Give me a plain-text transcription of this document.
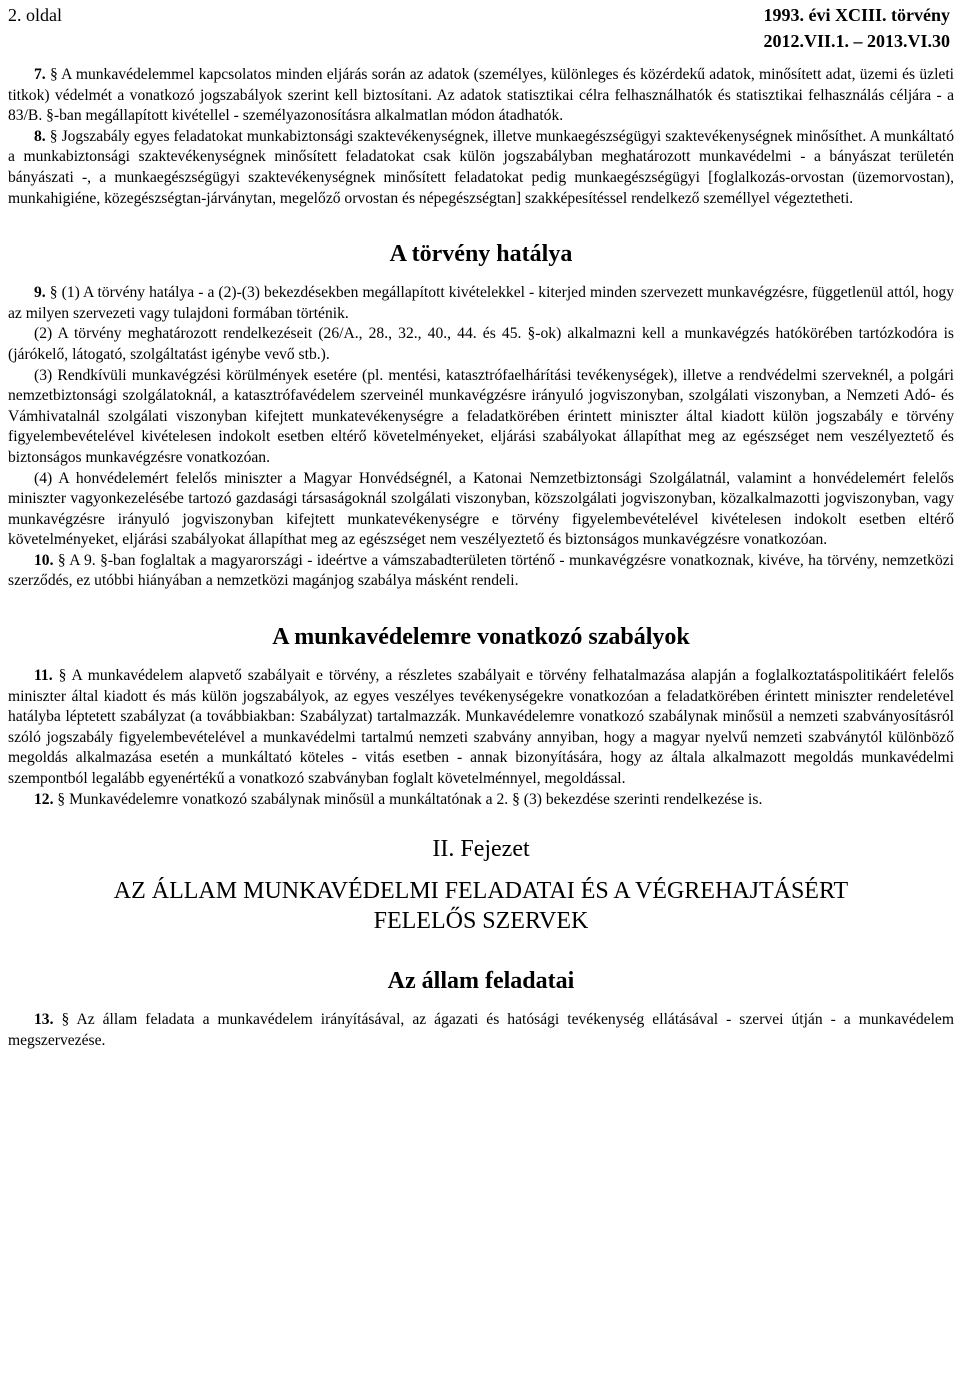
2. oldal	1993. évi XCIII. törvény
2012.VII.1. – 2013.VI.30

7. § A munkavédelemmel kapcsolatos minden eljárás során az adatok (személyes, különleges és közérdekű adatok, minősített adat, üzemi és üzleti titkok) védelmét a vonatkozó jogszabályok szerint kell biztosítani. Az adatok statisztikai célra felhasználhatók és statisztikai felhasználás céljára - a 83/B. §-ban megállapított kivétellel - személyazonosításra alkalmatlan módon átadhatók.

8. § Jogszabály egyes feladatokat munkabiztonsági szaktevékenységnek, illetve munkaegészségügyi szaktevékenységnek minősíthet. A munkáltató a munkabiztonsági szaktevékenységnek minősített feladatokat csak külön jogszabályban meghatározott munkavédelmi - a bányászat területén bányászati -, a munkaegészségügyi szaktevékenységnek minősített feladatokat pedig munkaegészségügyi [foglalkozás-orvostan (üzemorvostan), munkahigiéne, közegészségtan-járványtan, megelőző orvostan és népegészségtan] szakképesítéssel rendelkező személlyel végeztetheti.

A törvény hatálya

9. § (1) A törvény hatálya - a (2)-(3) bekezdésekben megállapított kivételekkel - kiterjed minden szervezett munkavégzésre, függetlenül attól, hogy az milyen szervezeti vagy tulajdoni formában történik.

(2) A törvény meghatározott rendelkezéseit (26/A., 28., 32., 40., 44. és 45. §-ok) alkalmazni kell a munkavégzés hatókörében tartózkodóra is (járókelő, látogató, szolgáltatást igénybe vevő stb.).

(3) Rendkívüli munkavégzési körülmények esetére (pl. mentési, katasztrófaelhárítási tevékenységek), illetve a rendvédelmi szerveknél, a polgári nemzetbiztonsági szolgálatoknál, a katasztrófavédelem szerveinél munkavégzésre irányuló jogviszonyban, szolgálati viszonyban, a Nemzeti Adó- és Vámhivatalnál szolgálati viszonyban kifejtett munkatevékenységre a feladatkörében érintett miniszter által kiadott külön jogszabály e törvény figyelembevételével kivételesen indokolt esetben eltérő követelményeket, eljárási szabályokat állapíthat meg az egészséget nem veszélyeztető és biztonságos munkavégzésre vonatkozóan.

(4) A honvédelemért felelős miniszter a Magyar Honvédségnél, a Katonai Nemzetbiztonsági Szolgálatnál, valamint a honvédelemért felelős miniszter vagyonkezelésébe tartozó gazdasági társaságoknál szolgálati viszonyban, közszolgálati jogviszonyban, közalkalmazotti jogviszonyban, vagy munkavégzésre irányuló jogviszonyban kifejtett munkatevékenységre e törvény figyelembevételével kivételesen indokolt esetben eltérő követelményeket, eljárási szabályokat állapíthat meg az egészséget nem veszélyeztető és biztonságos munkavégzésre vonatkozóan.

10. § A 9. §-ban foglaltak a magyarországi - ideértve a vámszabadterületen történő - munkavégzésre vonatkoznak, kivéve, ha törvény, nemzetközi szerződés, ez utóbbi hiányában a nemzetközi magánjog szabálya másként rendeli.

A munkavédelemre vonatkozó szabályok

11. § A munkavédelem alapvető szabályait e törvény, a részletes szabályait e törvény felhatalmazása alapján a foglalkoztatáspolitikáért felelős miniszter által kiadott és más külön jogszabályok, az egyes veszélyes tevékenységekre vonatkozóan a feladatkörében érintett miniszter rendeletével hatályba léptetett szabályzat (a továbbiakban: Szabályzat) tartalmazzák. Munkavédelemre vonatkozó szabálynak minősül a nemzeti szabványosításról szóló jogszabály figyelembevételével a munkavédelmi tartalmú nemzeti szabvány annyiban, hogy a magyar nyelvű nemzeti szabványtól különböző megoldás alkalmazása esetén a munkáltató köteles - vitás esetben - annak bizonyítására, hogy az általa alkalmazott megoldás munkavédelmi szempontból legalább egyenértékű a vonatkozó szabványban foglalt követelménnyel, megoldással.

12. § Munkavédelemre vonatkozó szabálynak minősül a munkáltatónak a 2. § (3) bekezdése szerinti rendelkezése is.

II. Fejezet
AZ ÁLLAM MUNKAVÉDELMI FELADATAI ÉS A VÉGREHAJTÁSÉRT
FELELŐS SZERVEK
Az állam feladatai

13. § Az állam feladata a munkavédelem irányításával, az ágazati és hatósági tevékenység ellátásával - szervei útján - a munkavédelem megszervezése.
